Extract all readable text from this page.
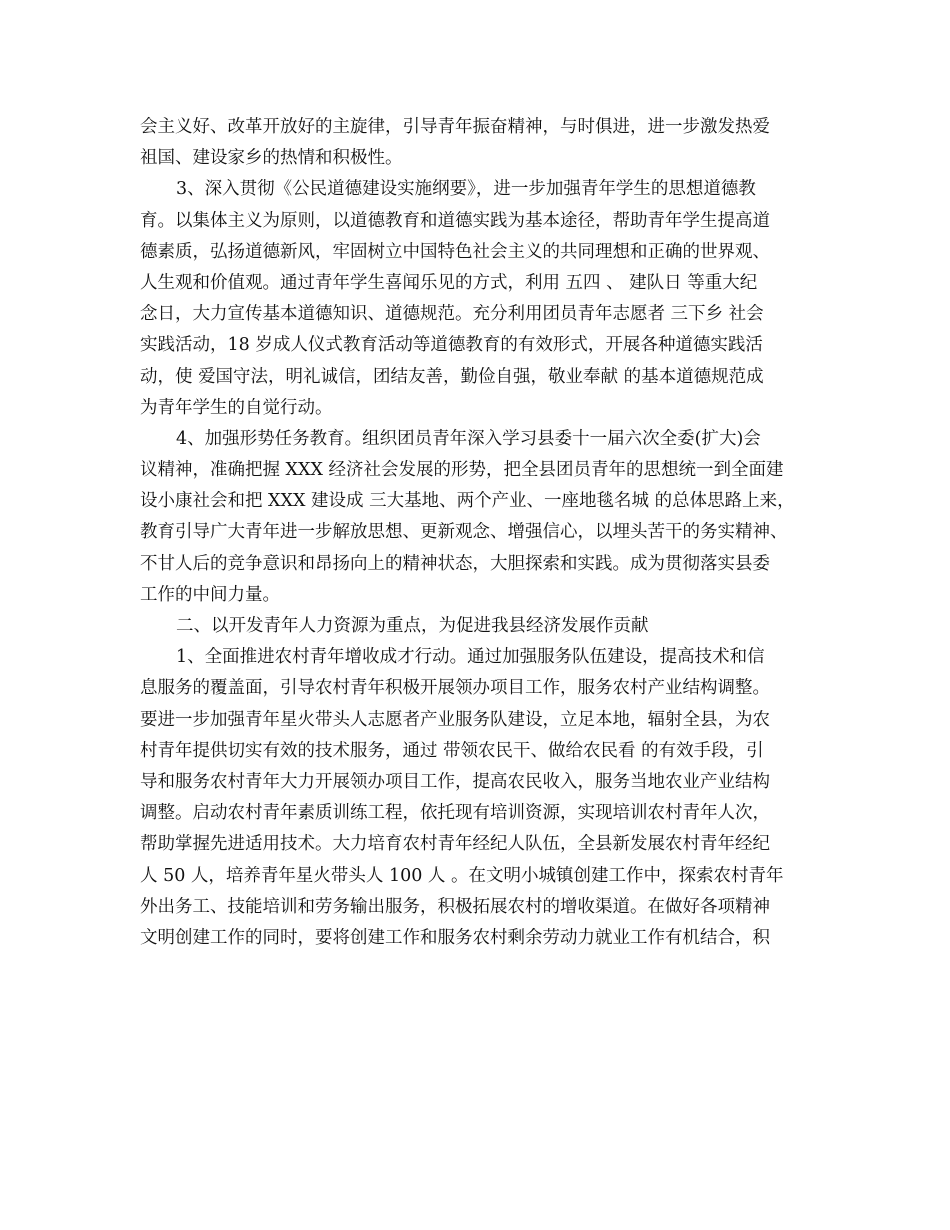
会主义好、改革开放好的主旋律，引导青年振奋精神，与时俱进，进一步激发热爱
祖国、建设家乡的热情和积极性。
3、深入贯彻《公民道德建设实施纲要》，进一步加强青年学生的思想道德教
育。以集体主义为原则，以道德教育和道德实践为基本途径，帮助青年学生提高道
德素质，弘扬道德新风，牢固树立中国特色社会主义的共同理想和正确的世界观、
人生观和价值观。通过青年学生喜闻乐见的方式，利用 五四 、 建队日 等重大纪
念日，大力宣传基本道德知识、道德规范。充分利用团员青年志愿者 三下乡 社会
实践活动，18 岁成人仪式教育活动等道德教育的有效形式，开展各种道德实践活
动，使 爱国守法，明礼诚信，团结友善，勤俭自强，敬业奉献 的基本道德规范成
为青年学生的自觉行动。
4、加强形势任务教育。组织团员青年深入学习县委十一届六次全委(扩大)会
议精神，准确把握 XXX 经济社会发展的形势，把全县团员青年的思想统一到全面建
设小康社会和把 XXX 建设成 三大基地、两个产业、一座地毯名城 的总体思路上来，
教育引导广大青年进一步解放思想、更新观念、增强信心，以埋头苦干的务实精神、
不甘人后的竞争意识和昂扬向上的精神状态，大胆探索和实践。成为贯彻落实县委
工作的中间力量。
二、以开发青年人力资源为重点，为促进我县经济发展作贡献
1、全面推进农村青年增收成才行动。通过加强服务队伍建设，提高技术和信
息服务的覆盖面，引导农村青年积极开展领办项目工作，服务农村产业结构调整。
要进一步加强青年星火带头人志愿者产业服务队建设，立足本地，辐射全县，为农
村青年提供切实有效的技术服务，通过 带领农民干、做给农民看 的有效手段，引
导和服务农村青年大力开展领办项目工作，提高农民收入，服务当地农业产业结构
调整。启动农村青年素质训练工程，依托现有培训资源，实现培训农村青年人次，
帮助掌握先进适用技术。大力培育农村青年经纪人队伍，全县新发展农村青年经纪
人 50 人，培养青年星火带头人 100 人 。在文明小城镇创建工作中，探索农村青年
外出务工、技能培训和劳务输出服务，积极拓展农村的增收渠道。在做好各项精神
文明创建工作的同时，要将创建工作和服务农村剩余劳动力就业工作有机结合，积
